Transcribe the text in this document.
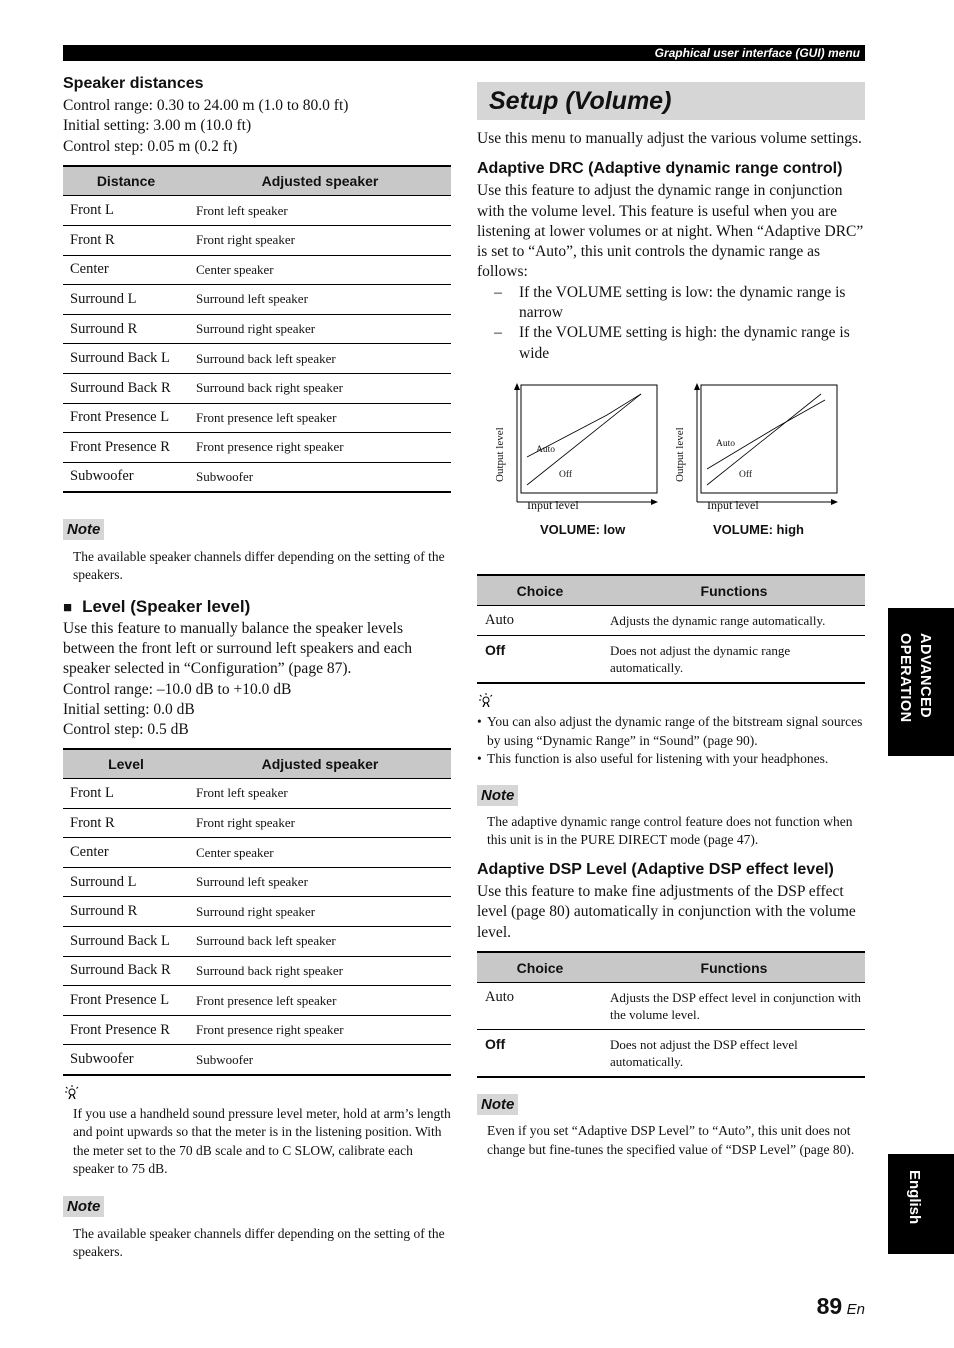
Graphical user interface (GUI) menu
Speaker distances
Control range: 0.30 to 24.00 m (1.0 to 80.0 ft)
Initial setting: 3.00 m (10.0 ft)
Control step: 0.05 m (0.2 ft)
Distance	Adjusted speaker
Front L	Front left speaker
Front R	Front right speaker
Center	Center speaker
Surround L	Surround left speaker
Surround R	Surround right speaker
Surround Back L	Surround back left speaker
Surround Back R	Surround back right speaker
Front Presence L	Front presence left speaker
Front Presence R	Front presence right speaker
Subwoofer	Subwoofer
Note
The available speaker channels differ depending on the setting of the speakers.
■ Level (Speaker level)
Use this feature to manually balance the speaker levels between the front left or surround left speakers and each speaker selected in “Configuration” (page 87).
Control range: –10.0 dB to +10.0 dB
Initial setting: 0.0 dB
Control step: 0.5 dB
Level	Adjusted speaker
Front L	Front left speaker
Front R	Front right speaker
Center	Center speaker
Surround L	Surround left speaker
Surround R	Surround right speaker
Surround Back L	Surround back left speaker
Surround Back R	Surround back right speaker
Front Presence L	Front presence left speaker
Front Presence R	Front presence right speaker
Subwoofer	Subwoofer
If you use a handheld sound pressure level meter, hold at arm’s length and point upwards so that the meter is in the listening position. With the meter set to the 70 dB scale and to C SLOW, calibrate each speaker to 75 dB.
Note
The available speaker channels differ depending on the setting of the speakers.
Setup (Volume)
Use this menu to manually adjust the various volume settings.
Adaptive DRC (Adaptive dynamic range control)
Use this feature to adjust the dynamic range in conjunction with the volume level. This feature is useful when you are listening at lower volumes or at night. When “Adaptive DRC” is set to “Auto”, this unit controls the dynamic range as follows:
–	If the VOLUME setting is low: the dynamic range is narrow
–	If the VOLUME setting is high: the dynamic range is wide
Output level	Auto
Off
Input level
VOLUME: low
Output level	Auto
Off
Input level
VOLUME: high
Choice	Functions
Auto	Adjusts the dynamic range automatically.
Off	Does not adjust the dynamic range automatically.
• You can also adjust the dynamic range of the bitstream signal sources by using “Dynamic Range” in “Sound” (page 90).
• This function is also useful for listening with your headphones.
Note
The adaptive dynamic range control feature does not function when this unit is in the PURE DIRECT mode (page 47).
Adaptive DSP Level (Adaptive DSP effect level)
Use this feature to make fine adjustments of the DSP effect level (page 80) automatically in conjunction with the volume level.
Choice	Functions
Auto	Adjusts the DSP effect level in conjunction with the volume level.
Off	Does not adjust the DSP effect level automatically.
Note
Even if you set “Adaptive DSP Level” to “Auto”, this unit does not change but fine-tunes the specified value of “DSP Level” (page 80).
ADVANCED
OPERATION
English
89 En
